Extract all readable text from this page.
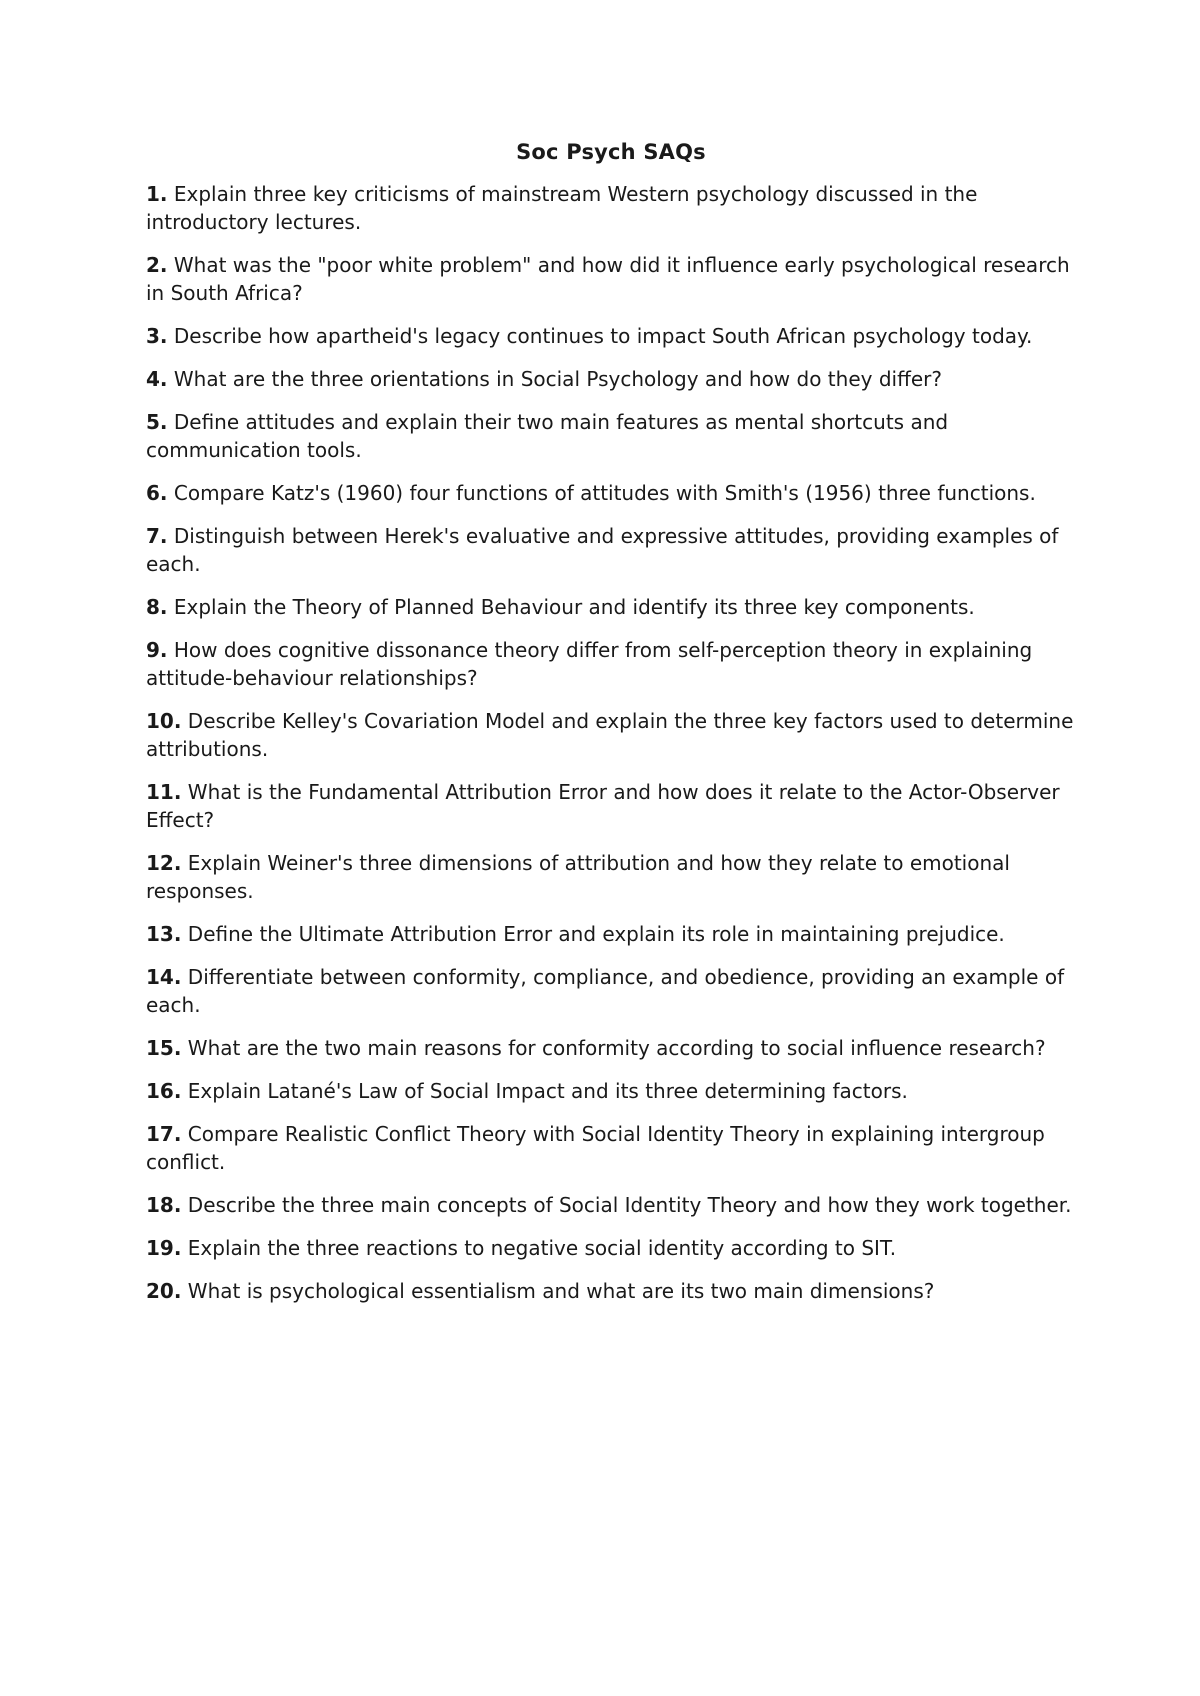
Soc Psych SAQs
1. Explain three key criticisms of mainstream Western psychology discussed in the introductory lectures.
2. What was the "poor white problem" and how did it influence early psychological research in South Africa?
3. Describe how apartheid's legacy continues to impact South African psychology today.
4. What are the three orientations in Social Psychology and how do they differ?
5. Define attitudes and explain their two main features as mental shortcuts and communication tools.
6. Compare Katz's (1960) four functions of attitudes with Smith's (1956) three functions.
7. Distinguish between Herek's evaluative and expressive attitudes, providing examples of each.
8. Explain the Theory of Planned Behaviour and identify its three key components.
9. How does cognitive dissonance theory differ from self-perception theory in explaining attitude-behaviour relationships?
10. Describe Kelley's Covariation Model and explain the three key factors used to determine attributions.
11. What is the Fundamental Attribution Error and how does it relate to the Actor-Observer Effect?
12. Explain Weiner's three dimensions of attribution and how they relate to emotional responses.
13. Define the Ultimate Attribution Error and explain its role in maintaining prejudice.
14. Differentiate between conformity, compliance, and obedience, providing an example of each.
15. What are the two main reasons for conformity according to social influence research?
16. Explain Latané's Law of Social Impact and its three determining factors.
17. Compare Realistic Conflict Theory with Social Identity Theory in explaining intergroup conflict.
18. Describe the three main concepts of Social Identity Theory and how they work together.
19. Explain the three reactions to negative social identity according to SIT.
20. What is psychological essentialism and what are its two main dimensions?
